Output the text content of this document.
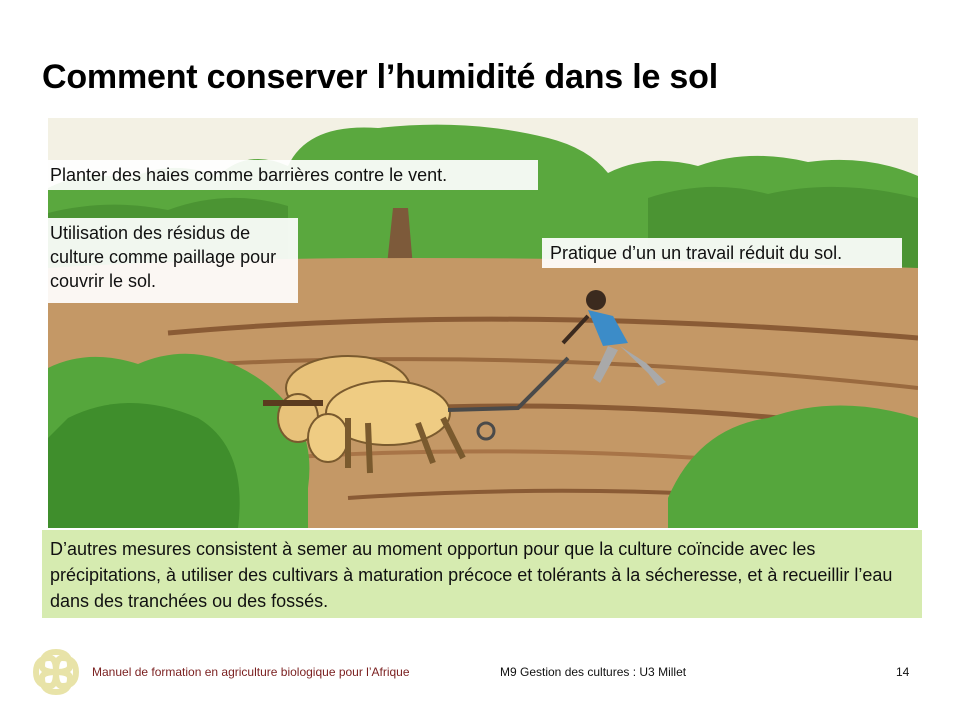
Comment conserver l’humidité dans le sol
Planter des haies comme barrières contre le vent.
Utilisation des résidus de culture comme paillage pour couvrir le sol.
Pratique d’un un travail réduit du sol.
D’autres mesures consistent à semer au moment opportun pour que la culture coïncide avec les précipitations, à utiliser des cultivars à maturation précoce et tolérants à la sécheresse, et à recueillir l’eau dans des tranchées ou des fossés.
Manuel de formation en agriculture biologique pour l’Afrique	M9 Gestion des cultures : U3 Millet	14
